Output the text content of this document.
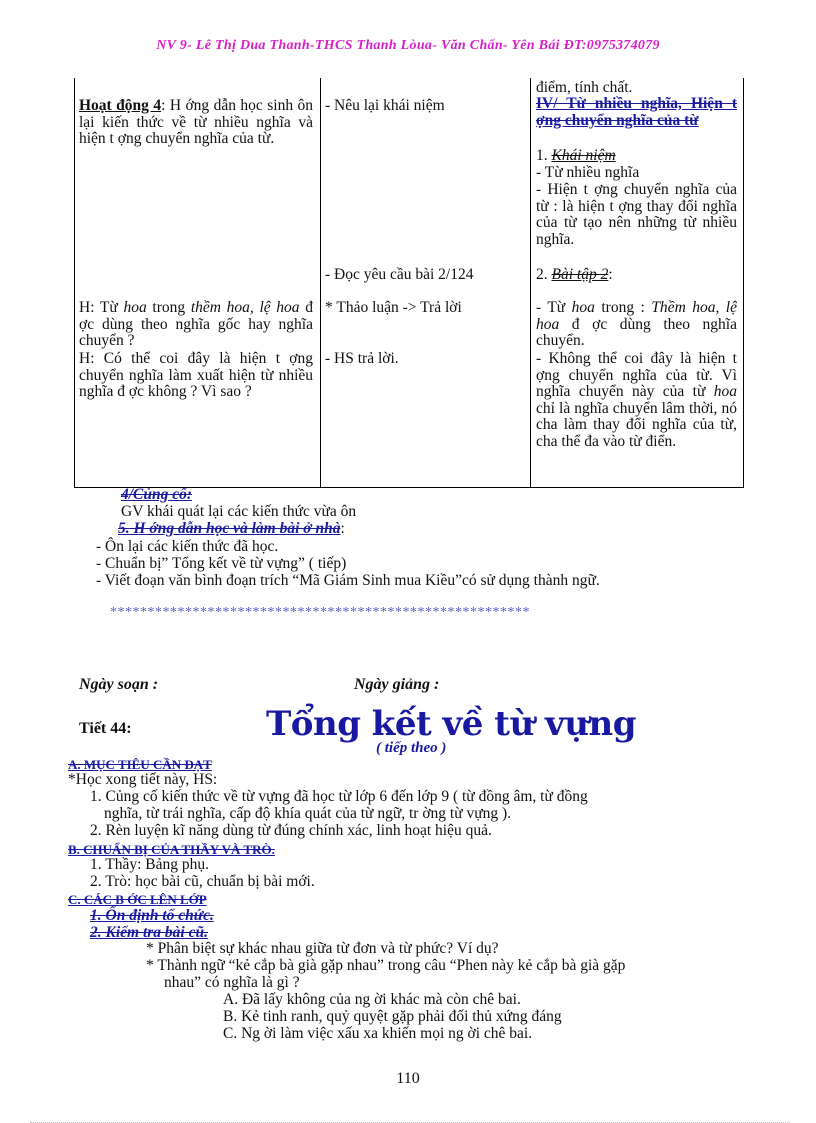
NV 9- Lê Thị Dua Thanh-THCS Thanh Lòua- Văn Chấn- Yên Bái ĐT:0975374079
Hoạt động 4: H ớng dẫn học sinh ôn lại kiến thức về từ nhiều nghĩa và hiện t ợng chuyển nghĩa của từ.
H: Từ hoa trong thềm hoa, lệ hoa đ ợc dùng theo nghĩa gốc hay nghĩa chuyển ?
H: Có thể coi đây là hiện t ợng chuyển nghĩa làm xuất hiện từ nhiều nghĩa đ ợc không ? Vì sao ?
- Nêu lại khái niệm
- Đọc yêu cầu bài 2/124
* Thảo luận -> Trả lời
- HS trả lời.
điểm, tính chất.
IV/ Từ nhiều nghĩa, Hiện t ợng chuyển nghĩa của từ
1. Khái niệm
- Từ nhiều nghĩa
- Hiện t ợng chuyển nghĩa của từ : là hiện t ợng thay đổi nghĩa của từ tạo nên những từ nhiều nghĩa.
2. Bài tập 2:
- Từ hoa trong : Thềm hoa, lệ hoa đ ợc dùng theo nghĩa chuyển.
- Không thể coi đây là hiện t ợng chuyển nghĩa của từ. Vì nghĩa chuyển này của từ hoa chỉ là nghĩa chuyển lâm thời, nó cha làm thay đổi nghĩa của từ, cha thể đa vào từ điển.
4/Củng cố:
GV khái quát lại các kiến thức vừa ôn
5. H ớng dẫn học và làm bài ở nhà:
- Ôn lại các kiến thức đã học.
- Chuẩn bị” Tổng kết về từ vựng” ( tiếp)
- Viết đoạn văn bình đoạn trích “Mã Giám Sinh mua Kiều”có sử dụng thành ngữ.
********************************************************
Ngày soạn :	Ngày giảng :
Tiết 44:	Tổng kết về từ vựng
( tiếp theo )
A. MỤC TIÊU CẦN ĐẠT
*Học xong tiết này, HS:
1. Củng cố kiến thức về từ vựng đã học từ lớp 6 đến lớp 9 ( từ đồng âm, từ đồng
nghĩa, từ trái nghĩa, cấp độ khía quát của từ ngữ, tr ờng từ vựng ).
2. Rèn luyện kĩ năng dùng từ đúng chính xác, linh hoạt hiệu quả.
B. CHUẨN BỊ CỦA THẦY VÀ TRÒ.
1. Thầy: Bảng phụ.
2. Trò: học bài cũ, chuẩn bị bài mới.
C. CÁC B ỚC LÊN LỚP
1. Ổn định tổ chức.
2. Kiểm tra bài cũ.
* Phân biệt sự khác nhau giữa từ đơn và từ phức? Ví dụ?
* Thành ngữ “kẻ cắp bà già gặp nhau” trong câu “Phen này kẻ cắp bà già gặp
nhau” có nghĩa là gì ?
A. Đã lấy không của ng ời khác mà còn chê bai.
B. Kẻ tinh ranh, quỷ quyệt gặp phải đối thủ xứng đáng
C. Ng ời làm việc xấu xa khiến mọi ng ời chê bai.
110
